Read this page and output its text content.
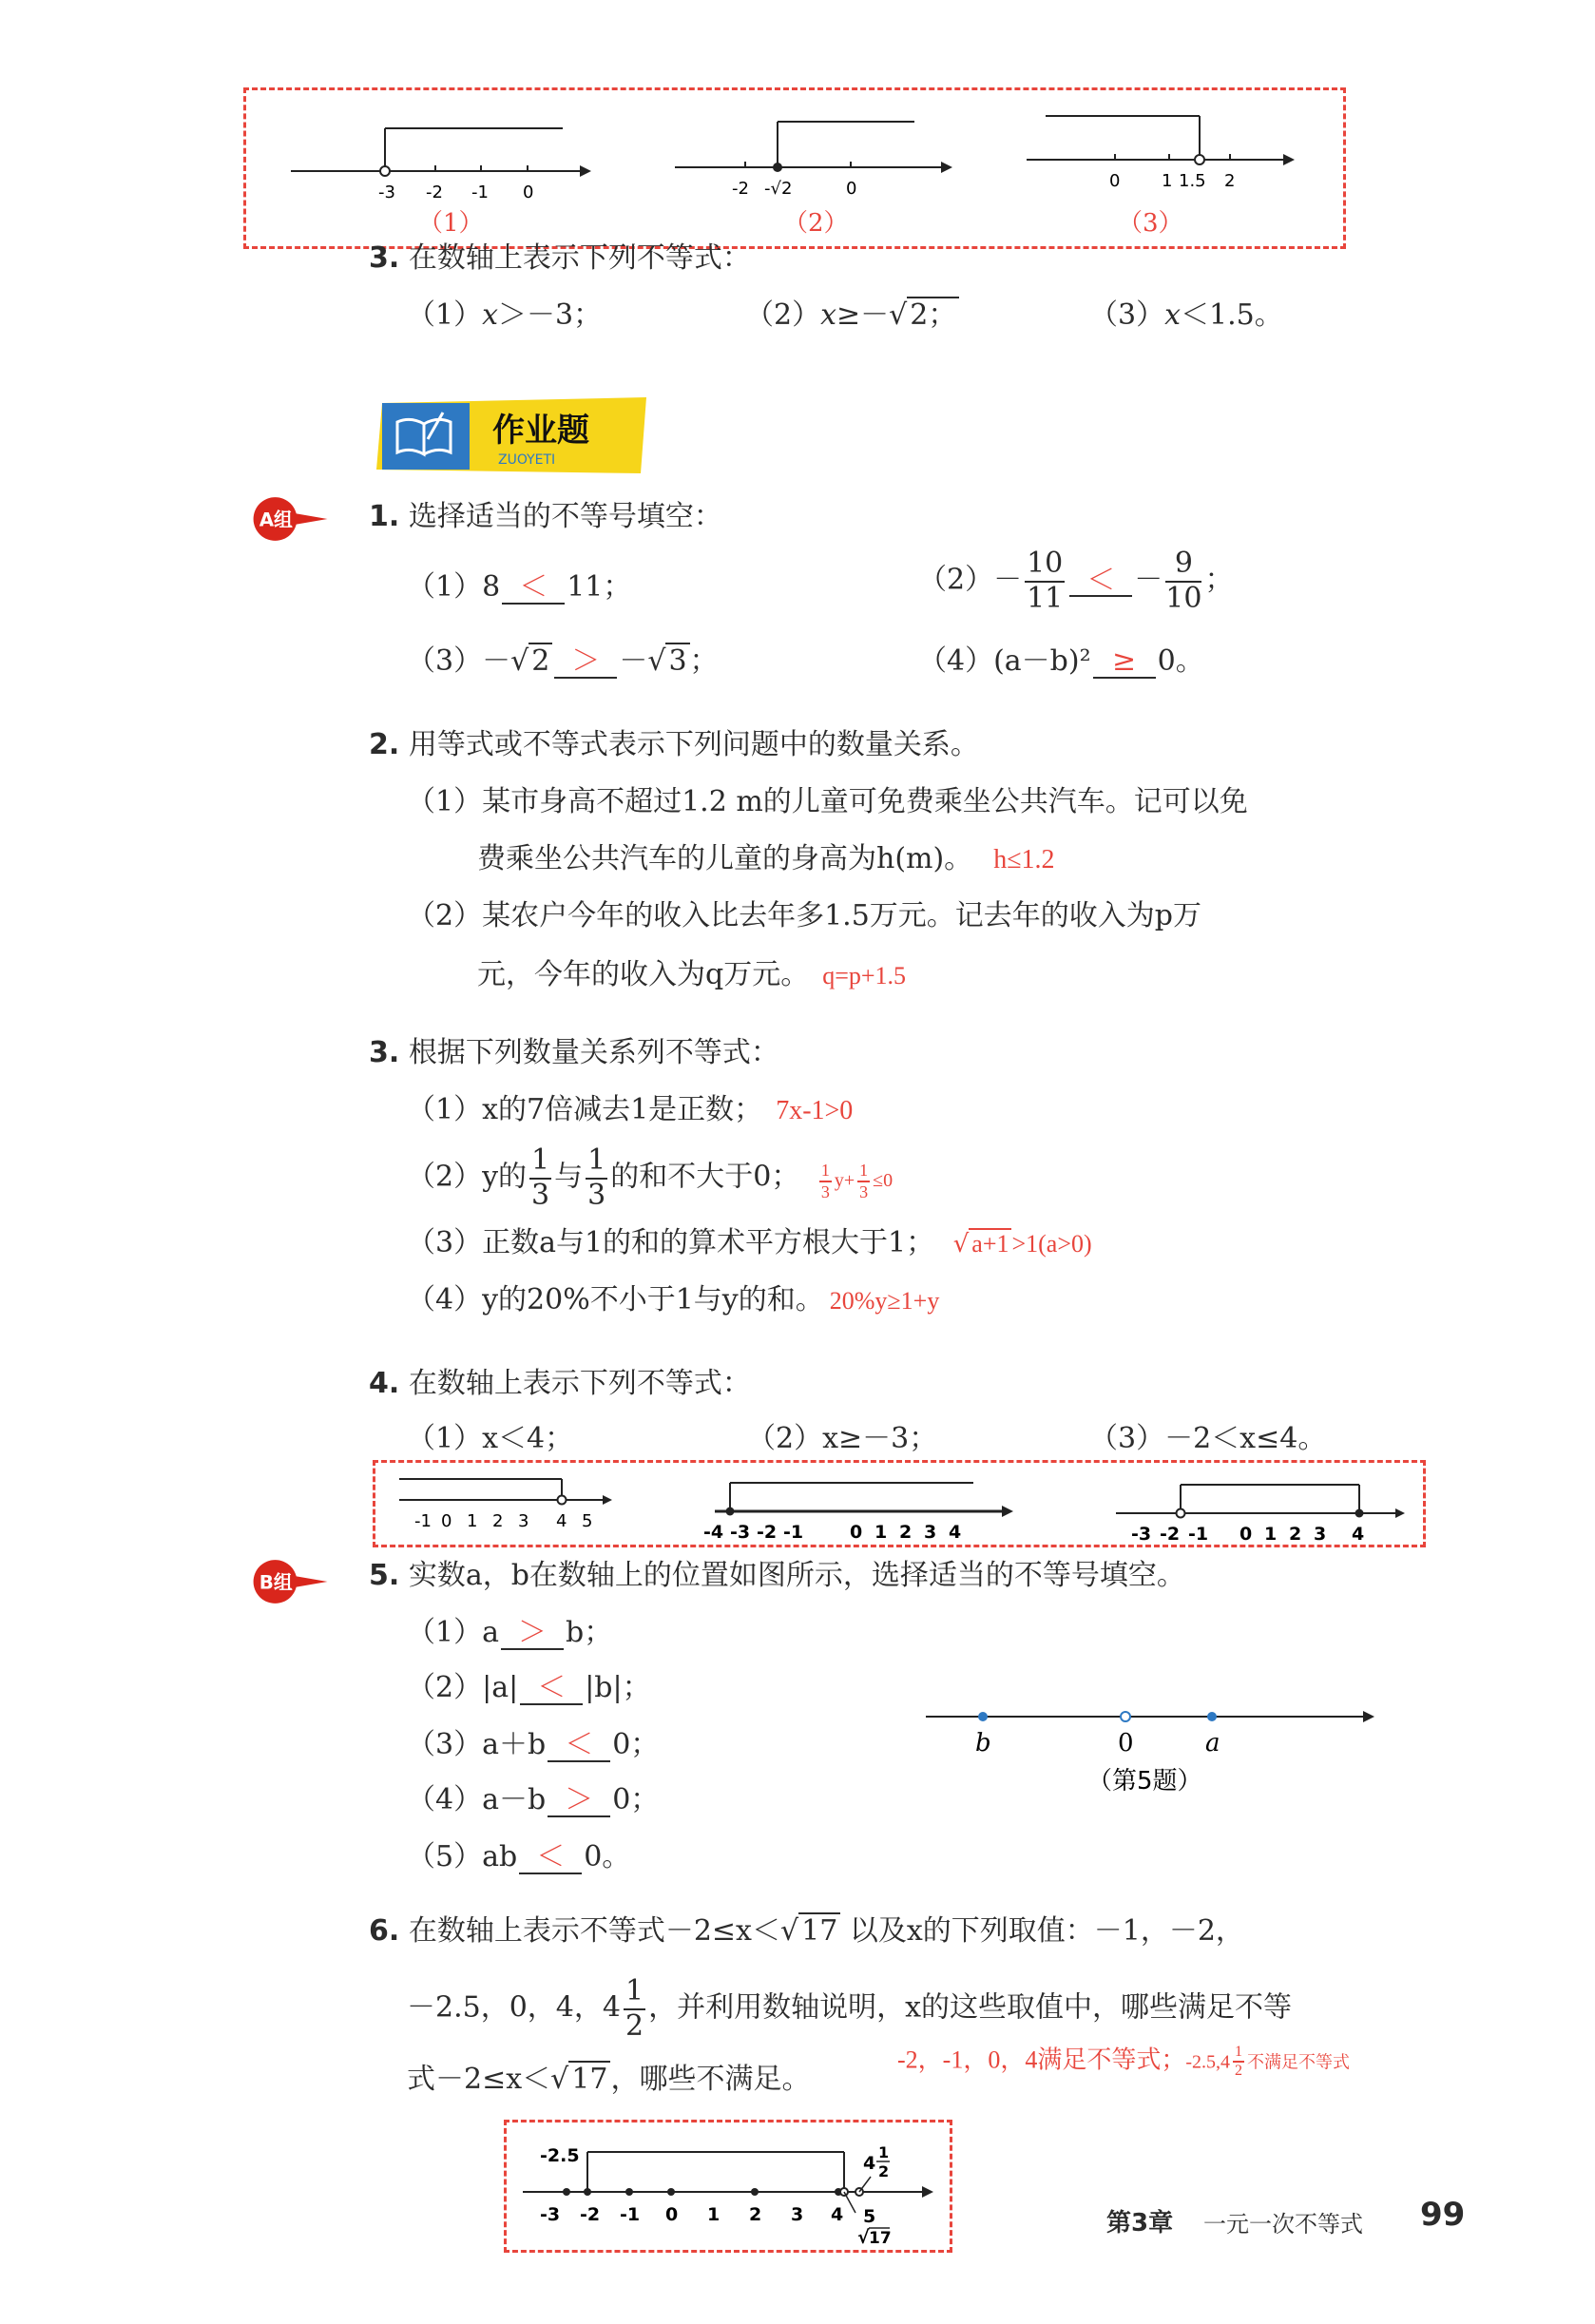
-3 -2 -1 0	-2 -√2	0	0 1 1.5 2
（1）	（2）	（3）
3. 在数轴上表示下列不等式：
（1）𝑥＞－3；	（2）𝑥≥－√ 2；	（3）𝑥＜1.5。
作业题
ZUOYETI
A组	1. 选择适当的不等号填空：
（1）8 ＜ 11；	$(2)- \frac{10}{11}$ ＜ － $\frac{9}{10}$ ；
（3）－√ 2 ＞ －√ 3 ；	（4）(a－b)² ≥ 0。
2. 用等式或不等式表示下列问题中的数量关系。
（1）某市身高不超过1.2 m的儿童可免费乘坐公共汽车。记可以免
费乘坐公共汽车的儿童的身高为h(m)。 h≤1.2
（2）某农户今年的收入比去年多1.5万元。记去年的收入为p万
元，今年的收入为q万元。 q=p+1.5
3. 根据下列数量关系列不等式：
（1）x的7倍减去1是正数； 7x-1>0
（2）y的 $\frac{1}{3}$ 与 $\frac{1}{3}$ 的和不大于0； $\frac{1}{3} y+ \frac{1}{3} \le 0$
（3）正数a与1的和的算术平方根大于1； √ a+1 >1(a>0)
（4）y的20%不小于1与y的和。 20%y≥1+y
4. 在数轴上表示下列不等式：
（1）x＜4；	（2）x≥－3；	（3）－2＜x≤4。
-1 0 1 2 3 4 5
-4 -3 -2 -1	0 1 2 3 4	-3 -2 -1 0 1 2 3 4
B组	5. 实数a，b在数轴上的位置如图所示，选择适当的不等号填空。
（1）a ＞ b；
（2）|a| ＜ |b|；
（3）a＋b ＜ 0；
（4）a－b ＞ 0；
（5）ab ＜ 0。
b	0	a
（第5题）
6. 在数轴上表示不等式－2≤x＜√ 17 以及x的下列取值：－1，－2，
－2.5，0，4，$4 \frac{1}{2}$ ，并利用数轴说明，x的这些取值中，哪些满足不等
式－2≤x＜√ 17 ，哪些不满足。
-2，-1，0，4满足不等式；$-2.5,4 \frac{1}{2}$ 不满足不等式
-3 -2 -1 0 1 2 3 4
-2.5	4
1
2
5
√ 17
第3章 一元一次不等式 99
